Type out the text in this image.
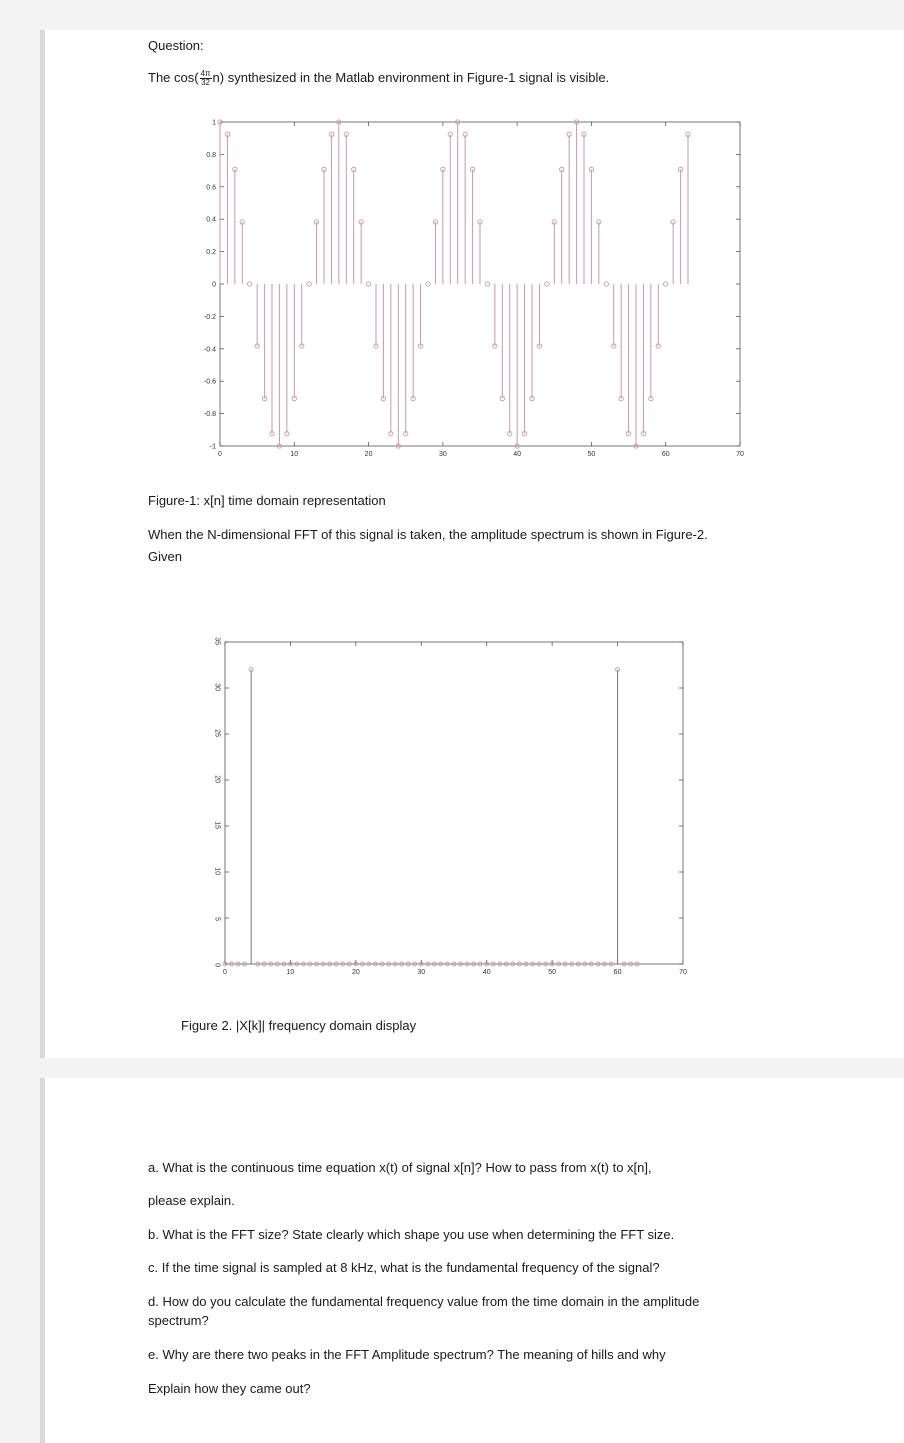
Question:

The $\cos( \frac{4\pi}{32} n)$ synthesized in the Matlab environment in Figure-1 signal is visible.

1
0.8
0.6
0.4
0.2
0
-0.2
-0.4
-0.6
-0.8
-1
0	10	20	30	40	50	60	70

Figure-1: x[n] time domain representation

When the N-dimensional FFT of this signal is taken, the amplitude spectrum is shown in Figure-2.

Given

35
30
25
20
15
10
5
0
0	10	20	30	40	50	60	70

Figure 2. |X[k]| frequency domain display

a. What is the continuous time equation x(t) of signal x[n]? How to pass from x(t) to x[n],

please explain.

b. What is the FFT size? State clearly which shape you use when determining the FFT size.

c. If the time signal is sampled at 8 kHz, what is the fundamental frequency of the signal?

d. How do you calculate the fundamental frequency value from the time domain in the amplitude

spectrum?

e. Why are there two peaks in the FFT Amplitude spectrum? The meaning of hills and why

Explain how they came out?
